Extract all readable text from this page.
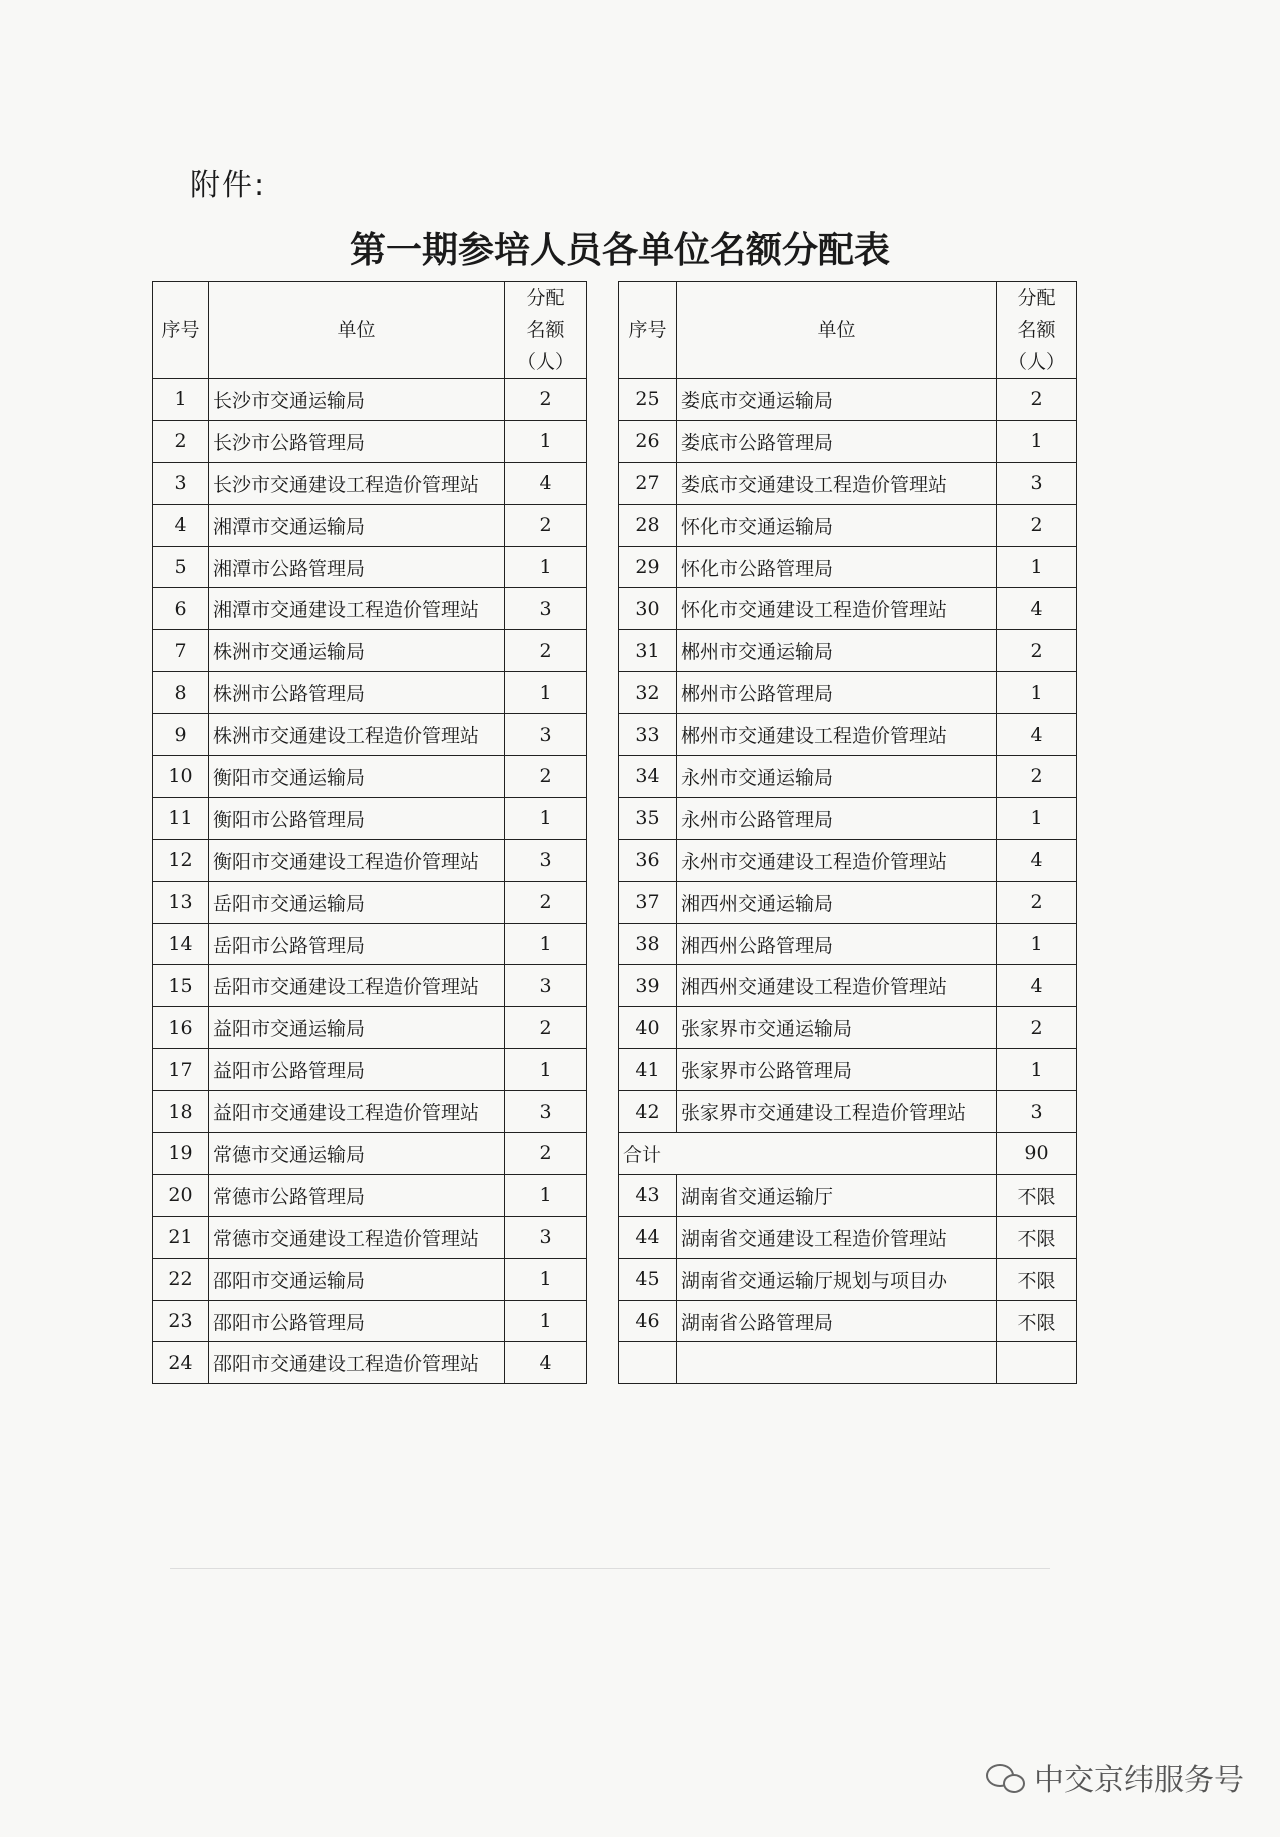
附件:
第一期参培人员各单位名额分配表
序号	单位	分配
名额
（人）

1	长沙市交通运输局	2
2	长沙市公路管理局	1
3	长沙市交通建设工程造价管理站	4
4	湘潭市交通运输局	2
5	湘潭市公路管理局	1
6	湘潭市交通建设工程造价管理站	3
7	株洲市交通运输局	2
8	株洲市公路管理局	1
9	株洲市交通建设工程造价管理站	3
10	衡阳市交通运输局	2
11	衡阳市公路管理局	1
12	衡阳市交通建设工程造价管理站	3
13	岳阳市交通运输局	2
14	岳阳市公路管理局	1
15	岳阳市交通建设工程造价管理站	3
16	益阳市交通运输局	2
17	益阳市公路管理局	1
18	益阳市交通建设工程造价管理站	3
19	常德市交通运输局	2
20	常德市公路管理局	1
21	常德市交通建设工程造价管理站	3
22	邵阳市交通运输局	1
23	邵阳市公路管理局	1
24	邵阳市交通建设工程造价管理站	4
序号	单位	分配
名额
（人）

25	娄底市交通运输局	2
26	娄底市公路管理局	1
27	娄底市交通建设工程造价管理站	3
28	怀化市交通运输局	2
29	怀化市公路管理局	1
30	怀化市交通建设工程造价管理站	4
31	郴州市交通运输局	2
32	郴州市公路管理局	1
33	郴州市交通建设工程造价管理站	4
34	永州市交通运输局	2
35	永州市公路管理局	1
36	永州市交通建设工程造价管理站	4
37	湘西州交通运输局	2
38	湘西州公路管理局	1
39	湘西州交通建设工程造价管理站	4
40	张家界市交通运输局	2
41	张家界市公路管理局	1
42	张家界市交通建设工程造价管理站	3
合计		90
43	湖南省交通运输厅	不限
44	湖南省交通建设工程造价管理站	不限
45	湖南省交通运输厅规划与项目办	不限
46	湖南省公路管理局	不限

中交京纬服务号
